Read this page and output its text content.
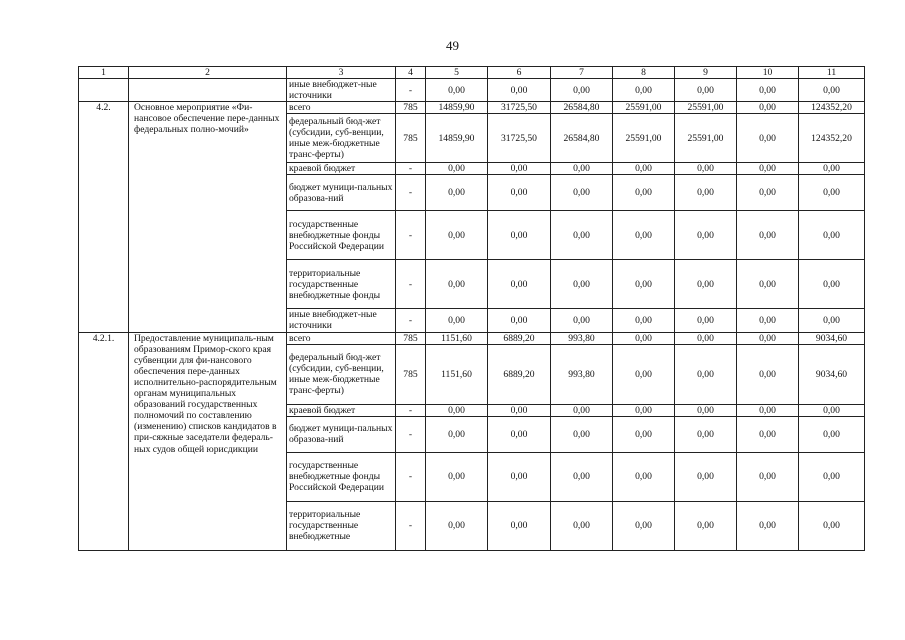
49
1	2	3	4	5	6	7	8	9	10	11
		иные внебюджет-ные источники	-	0,00	0,00	0,00	0,00	0,00	0,00	0,00
4.2.	Основное мероприятие «Фи-нансовое обеспечение пере-данных федеральных полно-мочий»	всего	785	14859,90	31725,50	26584,80	25591,00	25591,00	0,00	124352,20
		федеральный бюд-жет (субсидии, суб-венции, иные меж-бюджетные транс-ферты)	785	14859,90	31725,50	26584,80	25591,00	25591,00	0,00	124352,20
		краевой бюджет	-	0,00	0,00	0,00	0,00	0,00	0,00	0,00
		бюджет муници-пальных образова-ний	-	0,00	0,00	0,00	0,00	0,00	0,00	0,00
		государственные внебюджетные фонды Российской Федерации	-	0,00	0,00	0,00	0,00	0,00	0,00	0,00
		территориальные государственные внебюджетные фонды	-	0,00	0,00	0,00	0,00	0,00	0,00	0,00
		иные внебюджет-ные источники	-	0,00	0,00	0,00	0,00	0,00	0,00	0,00
4.2.1.	Предоставление муниципаль-ным образованиям Примор-ского края субвенции для фи-нансового обеспечения пере-данных исполнительно-распорядительным органам муниципальных образований государственных полномочий по составлению (изменению) списков кандидатов в при-сяжные заседатели федераль-ных судов общей юрисдикции	всего	785	1151,60	6889,20	993,80	0,00	0,00	0,00	9034,60
		федеральный бюд-жет (субсидии, суб-венции, иные меж-бюджетные транс-ферты)	785	1151,60	6889,20	993,80	0,00	0,00	0,00	9034,60
		краевой бюджет	-	0,00	0,00	0,00	0,00	0,00	0,00	0,00
		бюджет муници-пальных образова-ний	-	0,00	0,00	0,00	0,00	0,00	0,00	0,00
		государственные внебюджетные фонды Российской Федерации	-	0,00	0,00	0,00	0,00	0,00	0,00	0,00
		территориальные государственные внебюджетные	-	0,00	0,00	0,00	0,00	0,00	0,00	0,00
